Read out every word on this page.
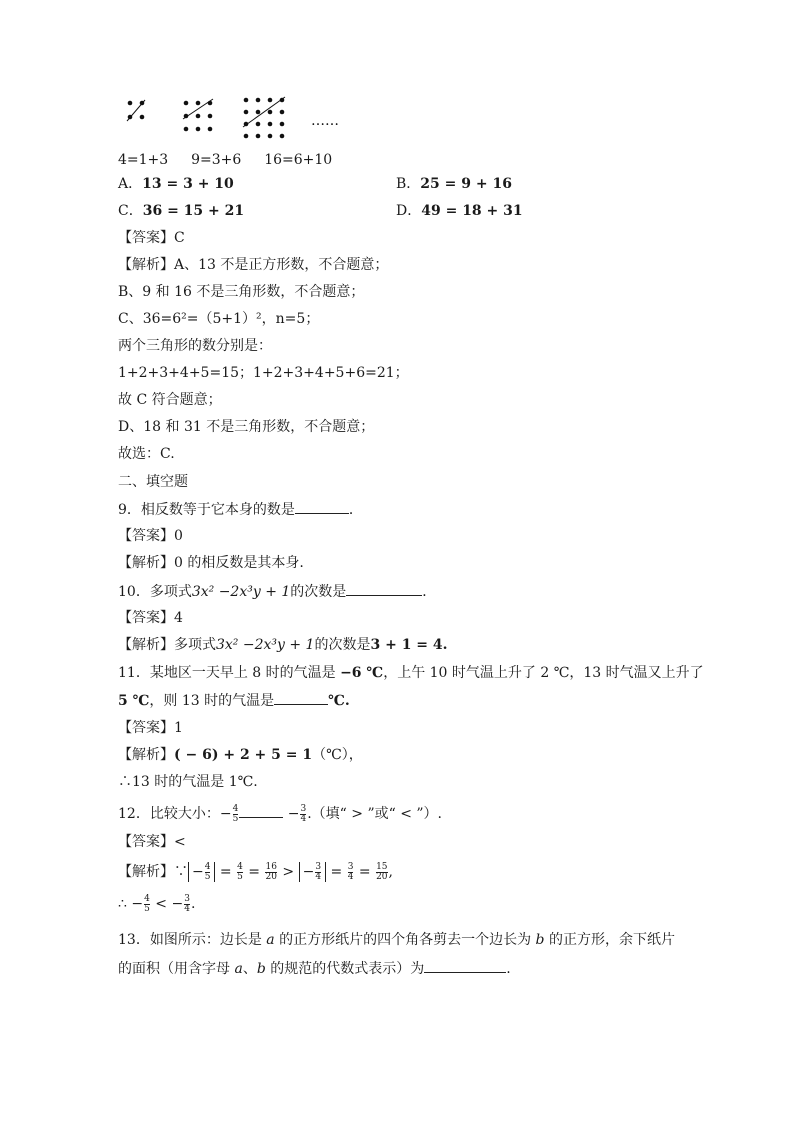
……
4=1+3 9=3+6 16=6+10
A．13 = 3 + 10	B．25 = 9 + 16
C．36 = 15 + 21	D．49 = 18 + 31
【答案】C
【解析】A、13 不是正方形数，不合题意；
B、9 和 16 不是三角形数，不合题意；
C、36=6²=（5+1）²，n=5；
两个三角形的数分别是：
1+2+3+4+5=15；1+2+3+4+5+6=21；
故 C 符合题意；
D、18 和 31 不是三角形数，不合题意；
故选：C.
二、填空题
9．相反数等于它本身的数是	．
【答案】0
【解析】0 的相反数是其本身.
10．多项式3x² −2x³y + 1的次数是	．
【答案】4
【解析】多项式3x² −2x³y + 1的次数是3 + 1 = 4.
11．某地区一天早上 8 时的气温是 −6 ℃，上午 10 时气温上升了 2 ℃，13 时气温又上升了
5 ℃，则 13 时的气温是	℃.
【答案】1
【解析】( − 6) + 2 + 5 = 1（℃），
∴13 时的气温是 1℃.
12．比较大小：− $\frac{4}{5}$	− $\frac{3}{4}$ .（填“ > ”或“ < ”）.
【答案】<
【解析】∵ − $\frac{4}{5} = \frac{4}{5} = \frac{16}{20}$ > − $\frac{3}{4} = \frac{3}{4} = \frac{15}{20}$ ,
∴ − $\frac{4}{5}$ < − $\frac{3}{4}$ .
13．如图所示：边长是 a 的正方形纸片的四个角各剪去一个边长为 b 的正方形，余下纸片
的面积（用含字母 a、b 的规范的代数式表示）为	.
